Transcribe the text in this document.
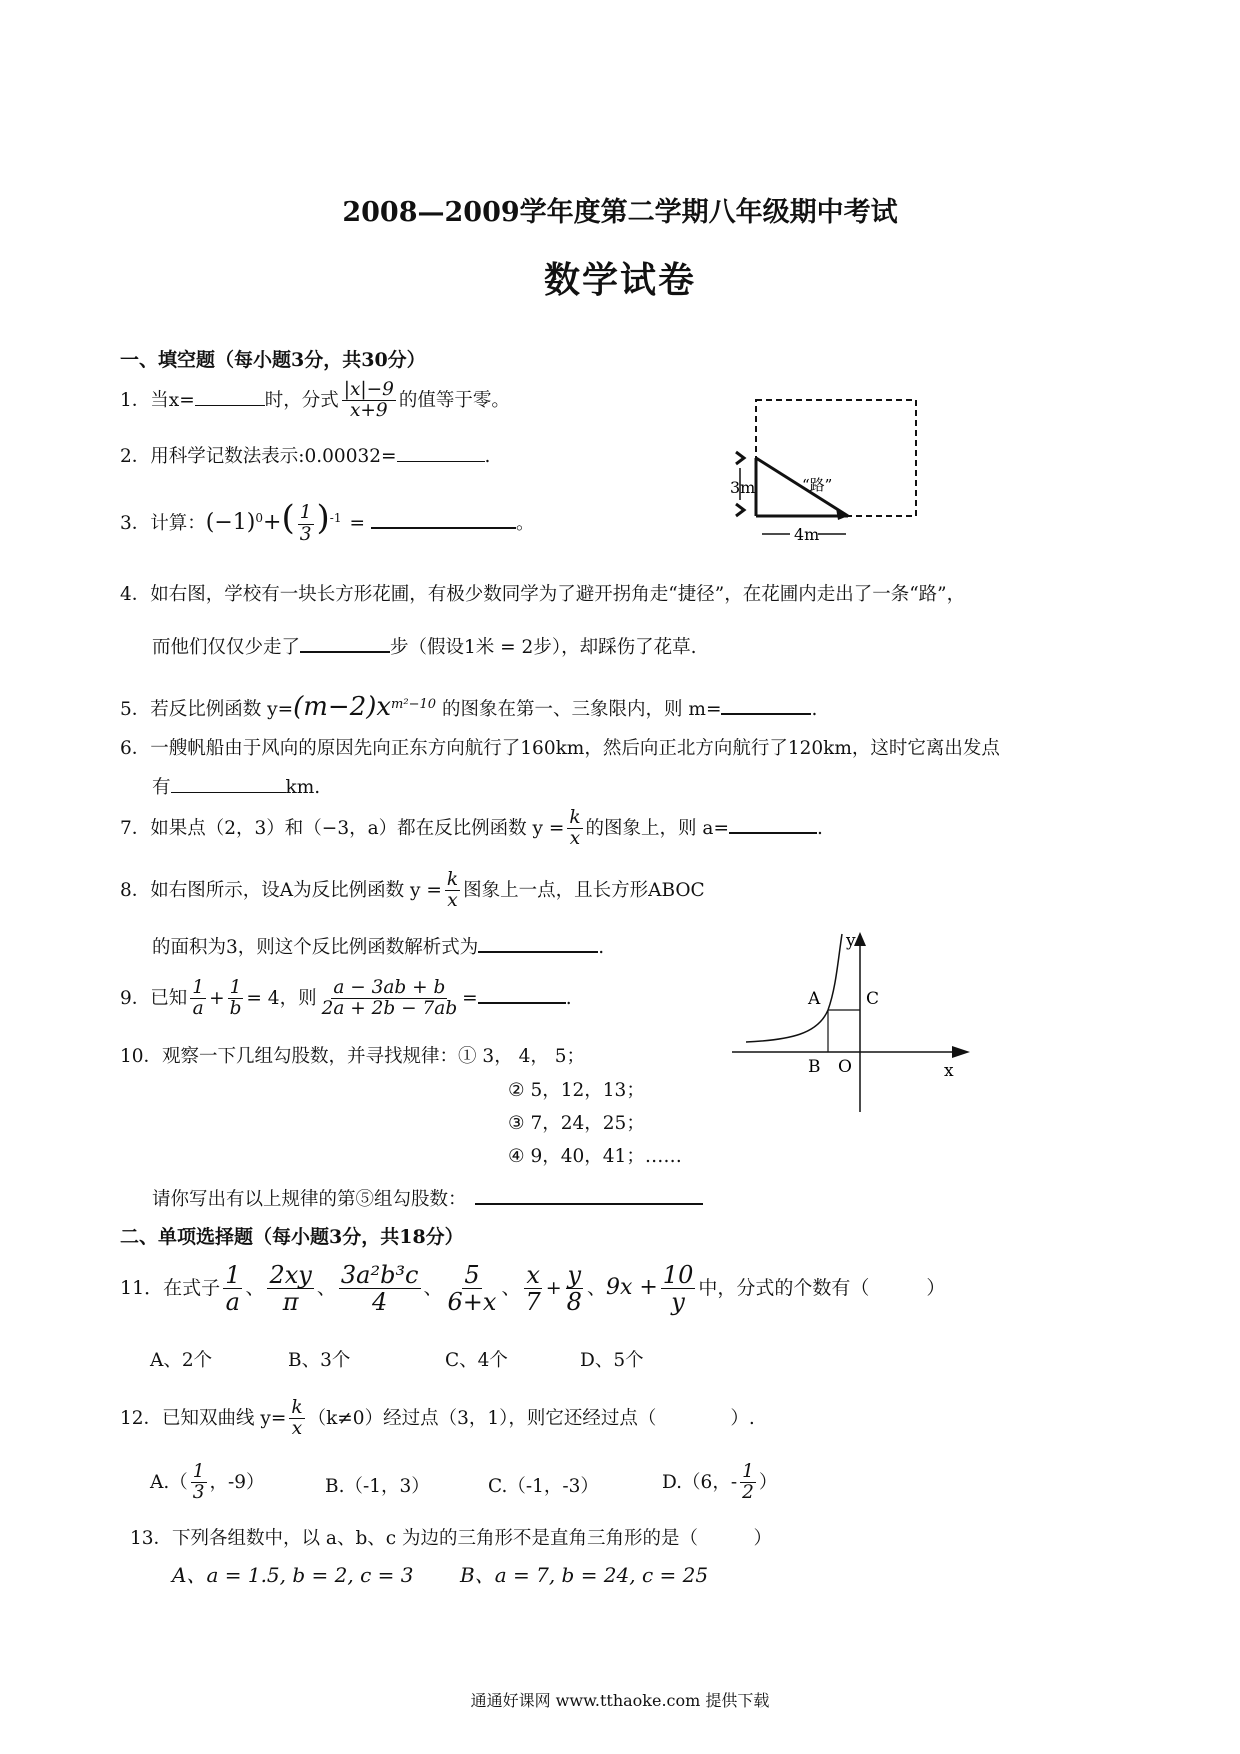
2008—2009学年度第二学期八年级期中考试
数学试卷
一、填空题（每小题3分，共30分）
1．当x=	时，分式 $\frac{|x|-9}{x+9}$ 的值等于零。
2．用科学记数法表示:0.00032=	.
3．计算：$(-1)^0+( \frac{1}{3} )^{-1}$ =	。
3m	“路”
4m
4．如右图，学校有一块长方形花圃，有极少数同学为了避开拐角走“捷径”，在花圃内走出了一条“路”，
而他们仅仅少走了	步（假设1米 = 2步），却踩伤了花草.
5．若反比例函数 $y=(m-2)x^{m^2-10}$ 的图象在第一、三象限内，则 m=	.
6．一艘帆船由于风向的原因先向正东方向航行了160km，然后向正北方向航行了120km，这时它离出发点
有	km.
7．如果点（2，3）和（−3，a）都在反比例函数 $y = \frac{k}{x}$ 的图象上，则 a=	.
8．如右图所示，设A为反比例函数 $y = \frac{k}{x}$ 图象上一点，且长方形ABOC
的面积为3，则这个反比例函数解析式为	.	y
x
A	C
B O
9．已知 $\frac{1}{a} + \frac{1}{b} = 4$，则 $\frac{a - 3ab + b}{2a + 2b - 7ab}$ =	.
10．观察一下几组勾股数，并寻找规律：① 3， 4， 5；
② 5，12，13；
③ 7，24，25；
④ 9，40，41；……
请你写出有以上规律的第⑤组勾股数：
二、单项选择题（每小题3分，共18分）
11．在式子 $\frac{1}{a}$ 、 $\frac{2xy}{\pi}$ 、 $\frac{\text{3a²b³c}}{4}$ 、 $\frac{5}{6+x}$ 、 $\frac{x}{7} + \frac{y}{8}$ 、$9x + \frac{10}{y}$ 中，分式的个数有（　　　）
A、2个	B、3个	C、4个	D、5个
12．已知双曲线 $y= \frac{k}{x} (k\ne 0)$经过点（3，1），则它还经过点（　　　　）.
$A.( \frac{1}{3}$ ，-9）	B.（-1，3）	C.（-1，-3）	D.（6，- $\frac{1}{2}$ ）
13．下列各组数中，以 a、b、c 为边的三角形不是直角三角形的是（　　　）
A、a = 1.5, b = 2, c = 3 B、a = 7, b = 24, c = 25
通通好课网 www.tthaoke.com 提供下载
